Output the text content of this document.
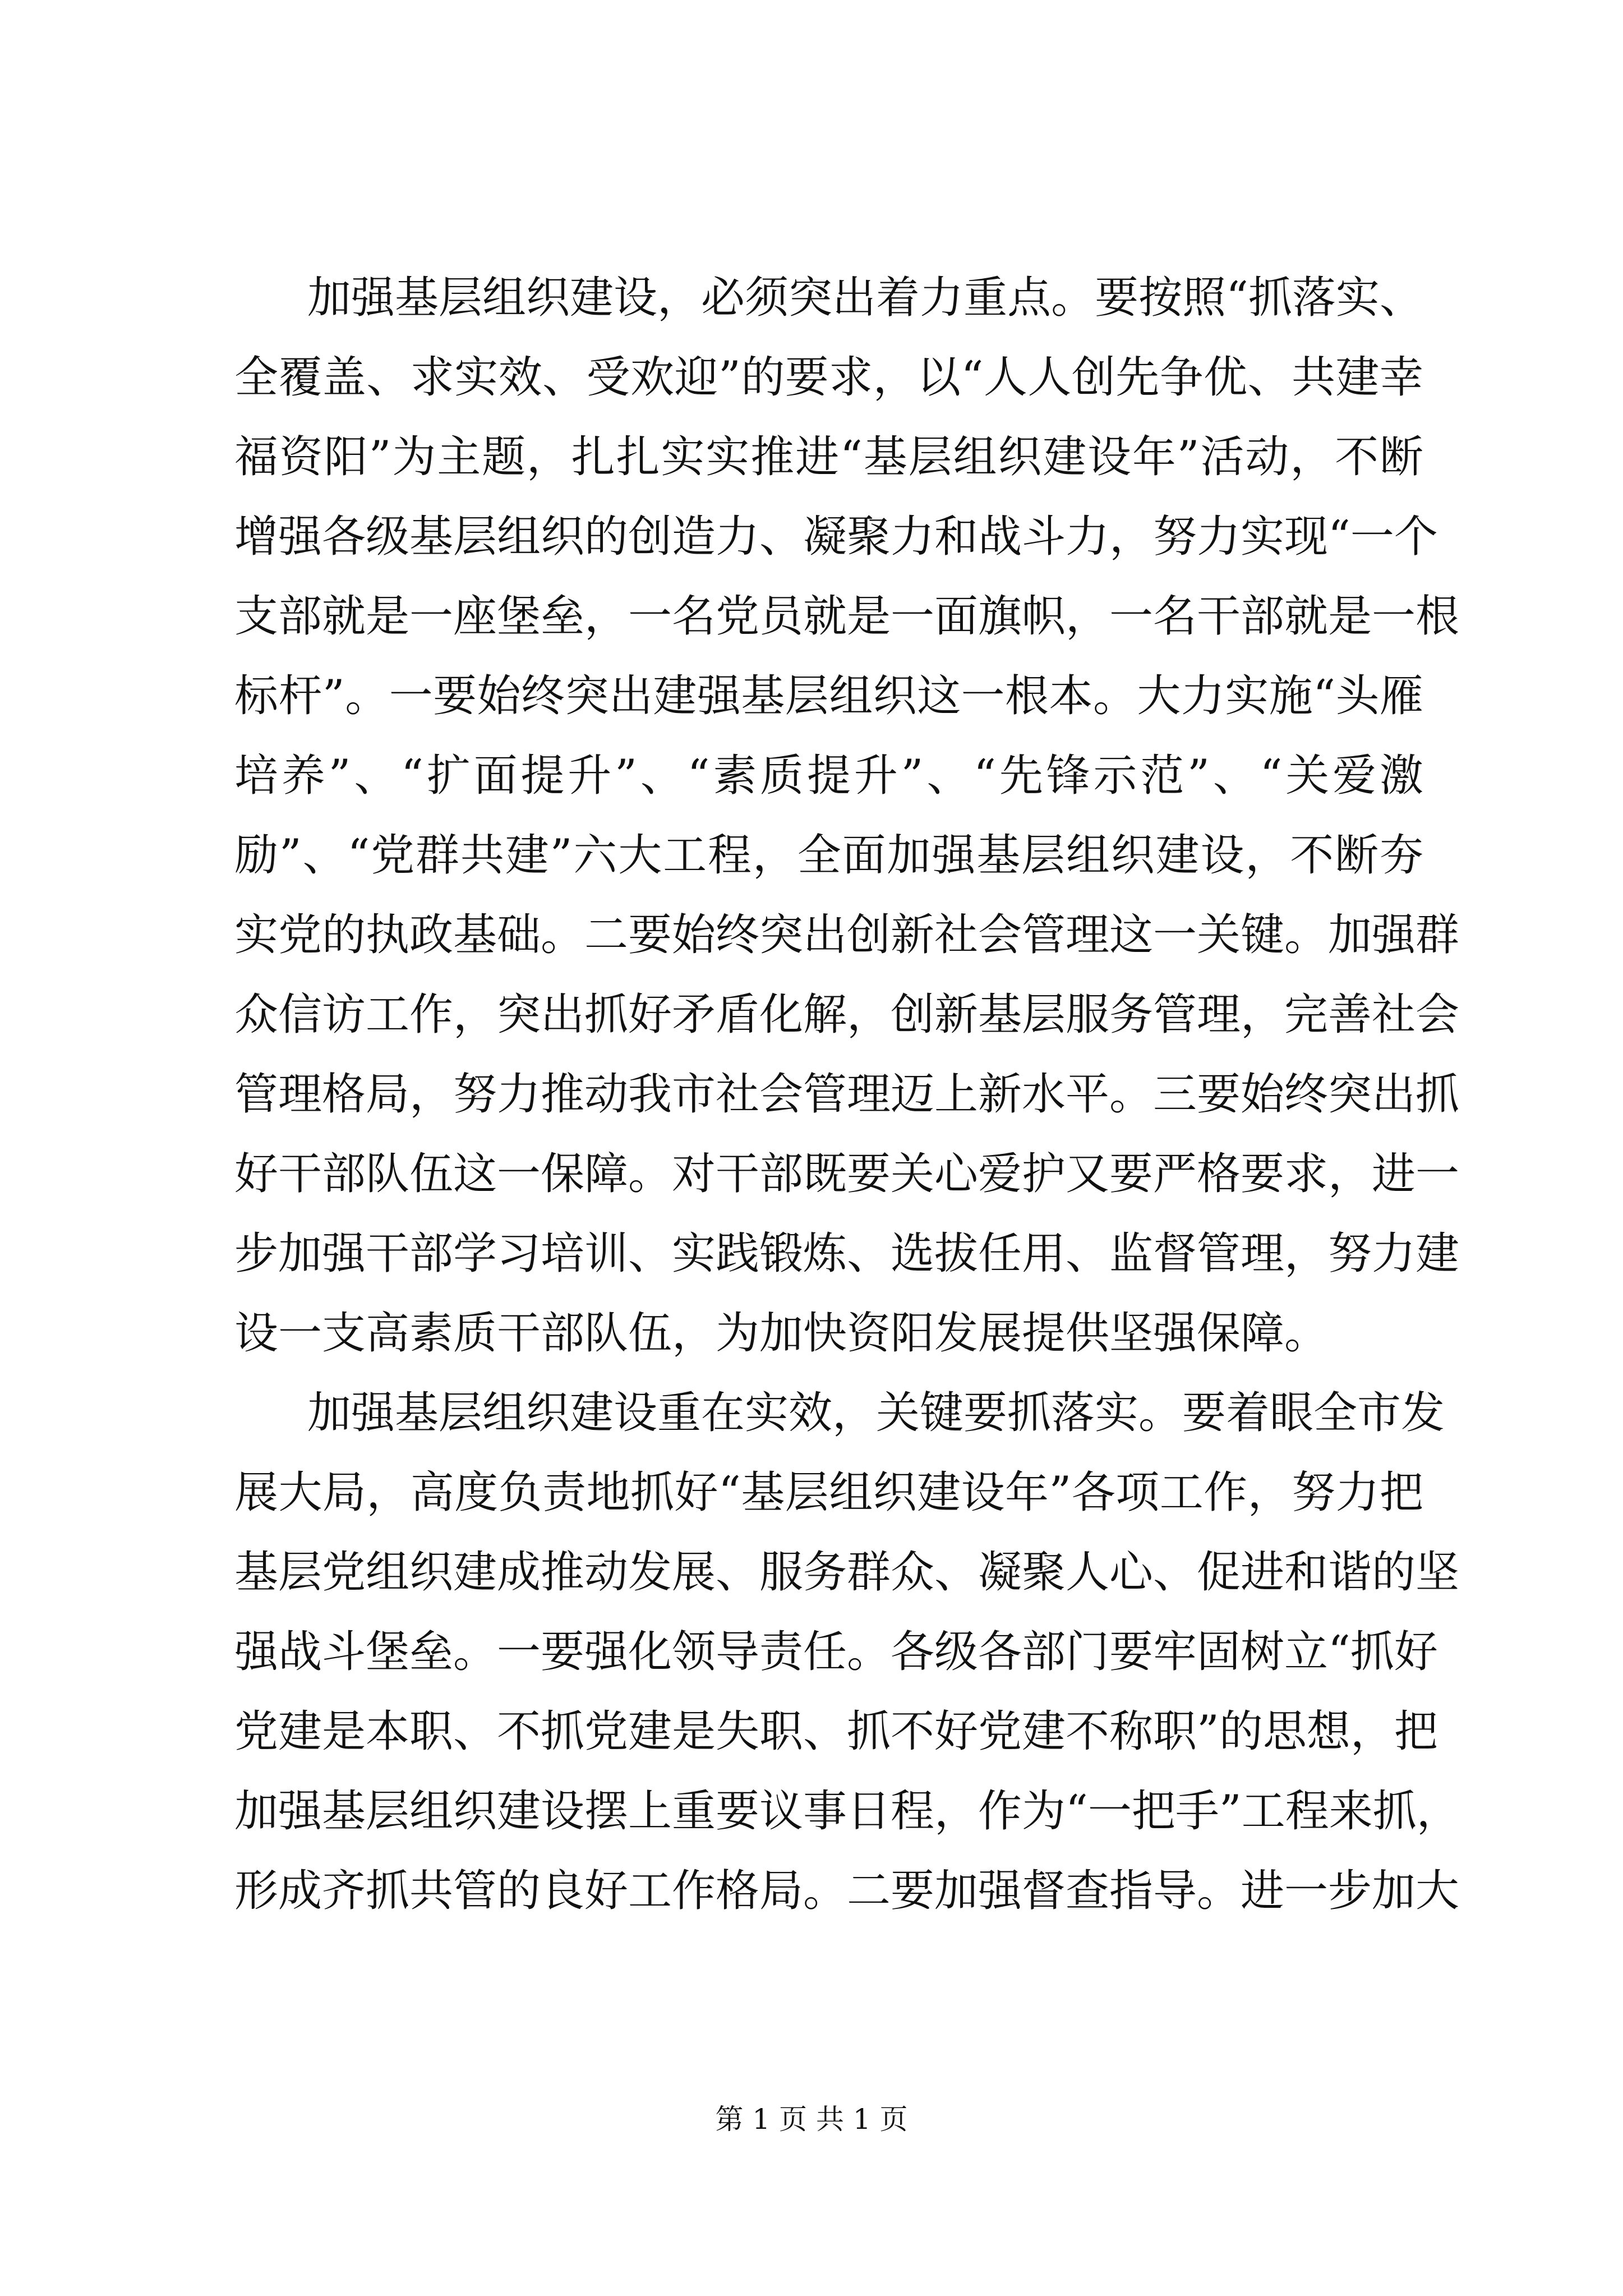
加强基层组织建设，必须突出着力重点。要按照“抓落实、
全覆盖、求实效、受欢迎”的要求，以“人人创先争优、共建幸
福资阳”为主题，扎扎实实推进“基层组织建设年”活动，不断
增强各级基层组织的创造力、凝聚力和战斗力，努力实现“一个
支部就是一座堡垒，一名党员就是一面旗帜，一名干部就是一根
标杆”。一要始终突出建强基层组织这一根本。大力实施“头雁
培养”、“扩面提升”、“素质提升”、“先锋示范”、“关爱激
励”、“党群共建”六大工程，全面加强基层组织建设，不断夯
实党的执政基础。二要始终突出创新社会管理这一关键。加强群
众信访工作，突出抓好矛盾化解，创新基层服务管理，完善社会
管理格局，努力推动我市社会管理迈上新水平。三要始终突出抓
好干部队伍这一保障。对干部既要关心爱护又要严格要求，进一
步加强干部学习培训、实践锻炼、选拔任用、监督管理，努力建
设一支高素质干部队伍，为加快资阳发展提供坚强保障。
加强基层组织建设重在实效，关键要抓落实。要着眼全市发
展大局，高度负责地抓好“基层组织建设年”各项工作，努力把
基层党组织建成推动发展、服务群众、凝聚人心、促进和谐的坚
强战斗堡垒。一要强化领导责任。各级各部门要牢固树立“抓好
党建是本职、不抓党建是失职、抓不好党建不称职”的思想，把
加强基层组织建设摆上重要议事日程，作为“一把手”工程来抓，
形成齐抓共管的良好工作格局。二要加强督查指导。进一步加大
第 1 页 共 1 页
